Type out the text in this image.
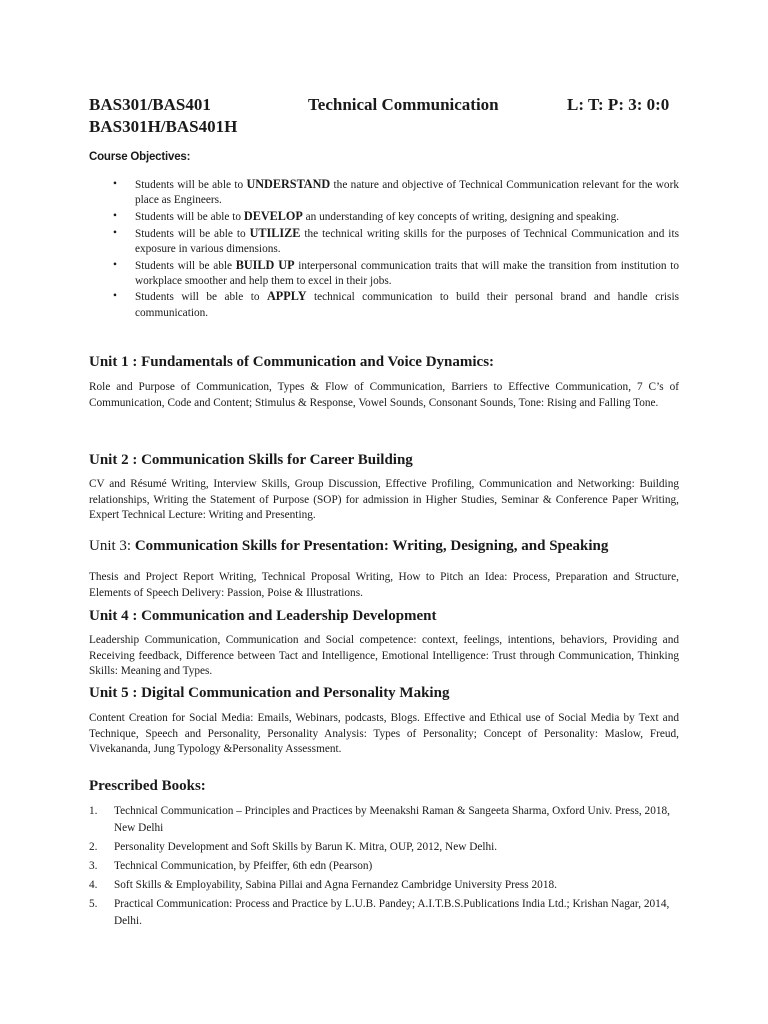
BAS301/BAS401
BAS301H/BAS401H
Technical Communication	L: T: P: 3: 0:0
Course Objectives:
• Students will be able to UNDERSTAND the nature and objective of Technical Communication relevant for the work place as Engineers.
• Students will be able to DEVELOP an understanding of key concepts of writing, designing and speaking.
• Students will be able to UTILIZE the technical writing skills for the purposes of Technical Communication and its exposure in various dimensions.
• Students will be able BUILD UP interpersonal communication traits that will make the transition from institution to workplace smoother and help them to excel in their jobs.
• Students will be able to APPLY technical communication to build their personal brand and handle crisis communication.
Unit 1 : Fundamentals of Communication and Voice Dynamics:
Role and Purpose of Communication, Types & Flow of Communication, Barriers to Effective Communication, 7 C’s of Communication, Code and Content; Stimulus & Response, Vowel Sounds, Consonant Sounds, Tone: Rising and Falling Tone.
Unit 2 : Communication Skills for Career Building
CV and Résumé Writing, Interview Skills, Group Discussion, Effective Profiling, Communication and Networking: Building relationships, Writing the Statement of Purpose (SOP) for admission in Higher Studies, Seminar & Conference Paper Writing, Expert Technical Lecture: Writing and Presenting.
Unit 3: Communication Skills for Presentation: Writing, Designing, and Speaking
Thesis and Project Report Writing, Technical Proposal Writing, How to Pitch an Idea: Process, Preparation and Structure, Elements of Speech Delivery: Passion, Poise & Illustrations.
Unit 4 : Communication and Leadership Development
Leadership Communication, Communication and Social competence: context, feelings, intentions, behaviors, Providing and Receiving feedback, Difference between Tact and Intelligence, Emotional Intelligence: Trust through Communication, Thinking Skills: Meaning and Types.
Unit 5 : Digital Communication and Personality Making
Content Creation for Social Media: Emails, Webinars, podcasts, Blogs. Effective and Ethical use of Social Media by Text and Technique, Speech and Personality, Personality Analysis: Types of Personality; Concept of Personality: Maslow, Freud, Vivekananda, Jung Typology &Personality Assessment.
Prescribed Books:
1. Technical Communication – Principles and Practices by Meenakshi Raman & Sangeeta Sharma, Oxford Univ. Press, 2018, New Delhi
2. Personality Development and Soft Skills by Barun K. Mitra, OUP, 2012, New Delhi.
3. Technical Communication, by Pfeiffer, 6th edn (Pearson)
4. Soft Skills & Employability, Sabina Pillai and Agna Fernandez Cambridge University Press 2018.
5. Practical Communication: Process and Practice by L.U.B. Pandey; A.I.T.B.S.Publications India Ltd.; Krishan Nagar, 2014, Delhi.
